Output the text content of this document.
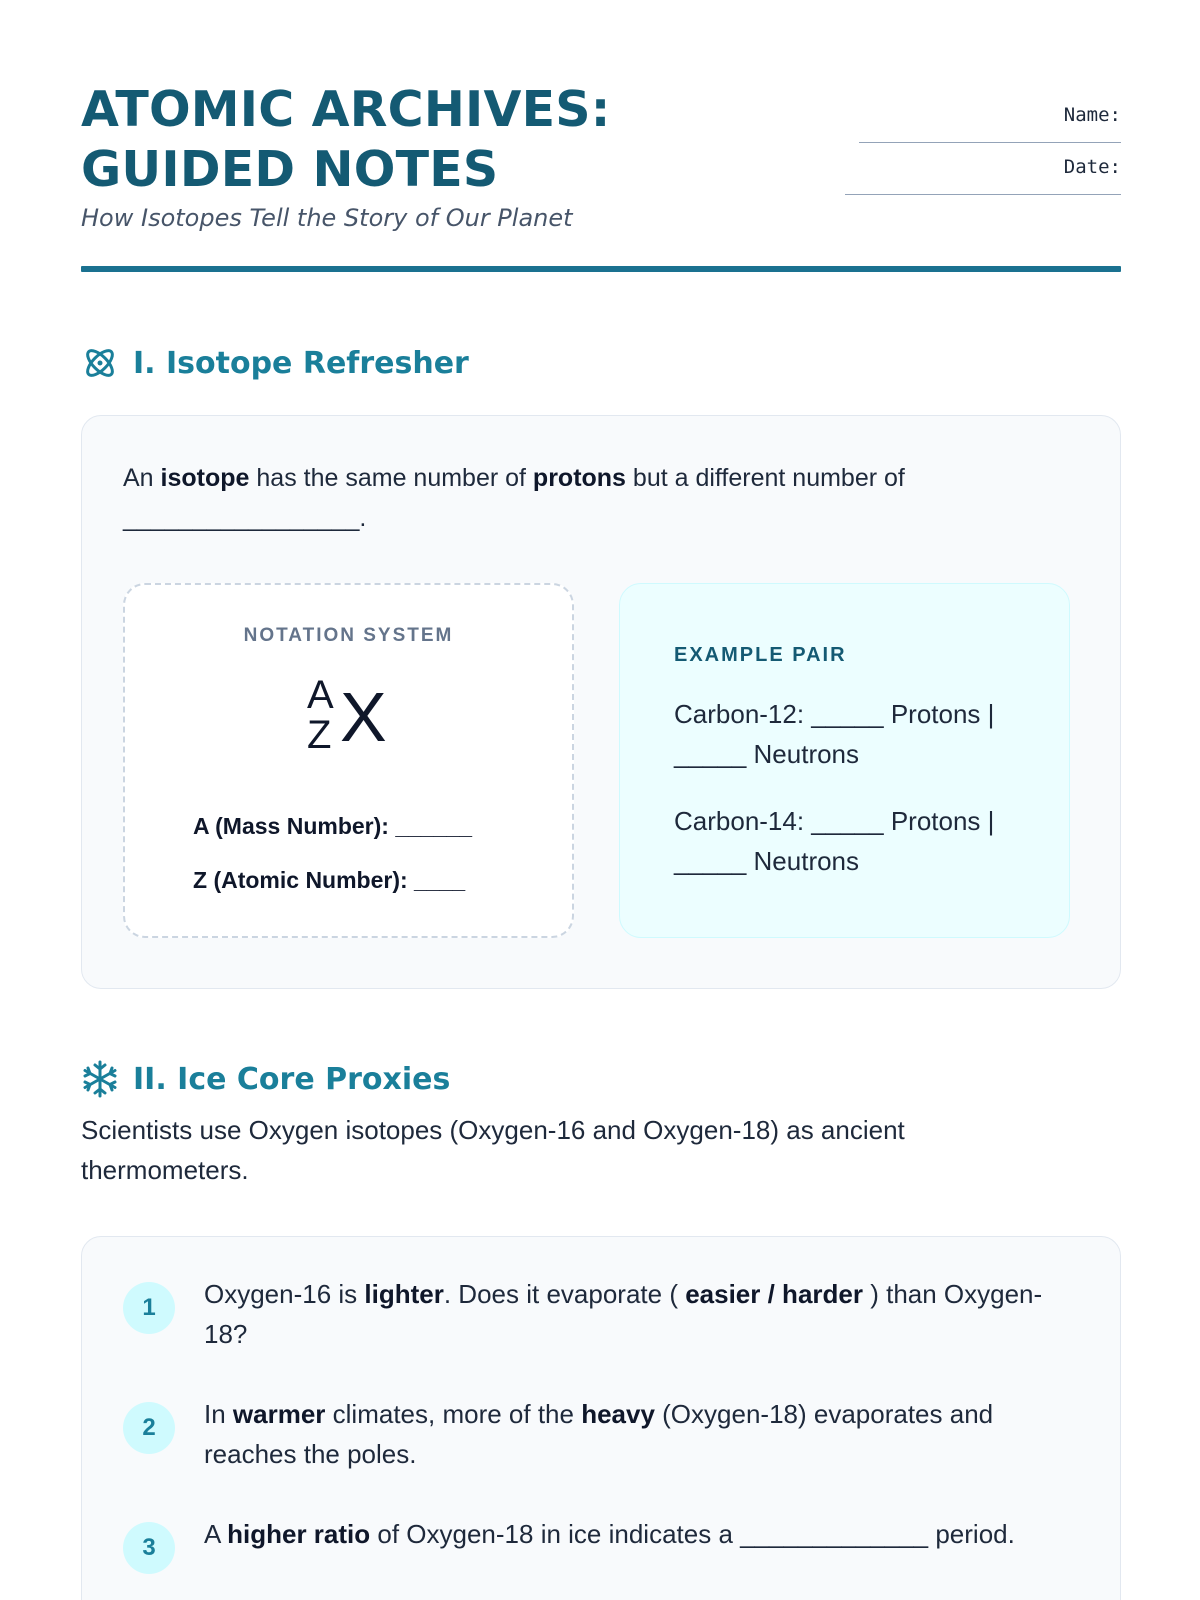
ATOMIC ARCHIVES: GUIDED NOTES
How Isotopes Tell the Story of Our Planet
Name:
Date:
I. Isotope Refresher
An isotope has the same number of protons but a different number of _________________.
NOTATION SYSTEM
A
Z X
A (Mass Number): ______
Z (Atomic Number): ____
EXAMPLE PAIR
Carbon-12: _____ Protons | _____ Neutrons
Carbon-14: _____ Protons | _____ Neutrons
II. Ice Core Proxies
Scientists use Oxygen isotopes (Oxygen-16 and Oxygen-18) as ancient thermometers.
1	Oxygen-16 is lighter. Does it evaporate ( easier / harder ) than Oxygen-18?
2	In warmer climates, more of the heavy (Oxygen-18) evaporates and reaches the poles.
3	A higher ratio of Oxygen-18 in ice indicates a _____________ period.
